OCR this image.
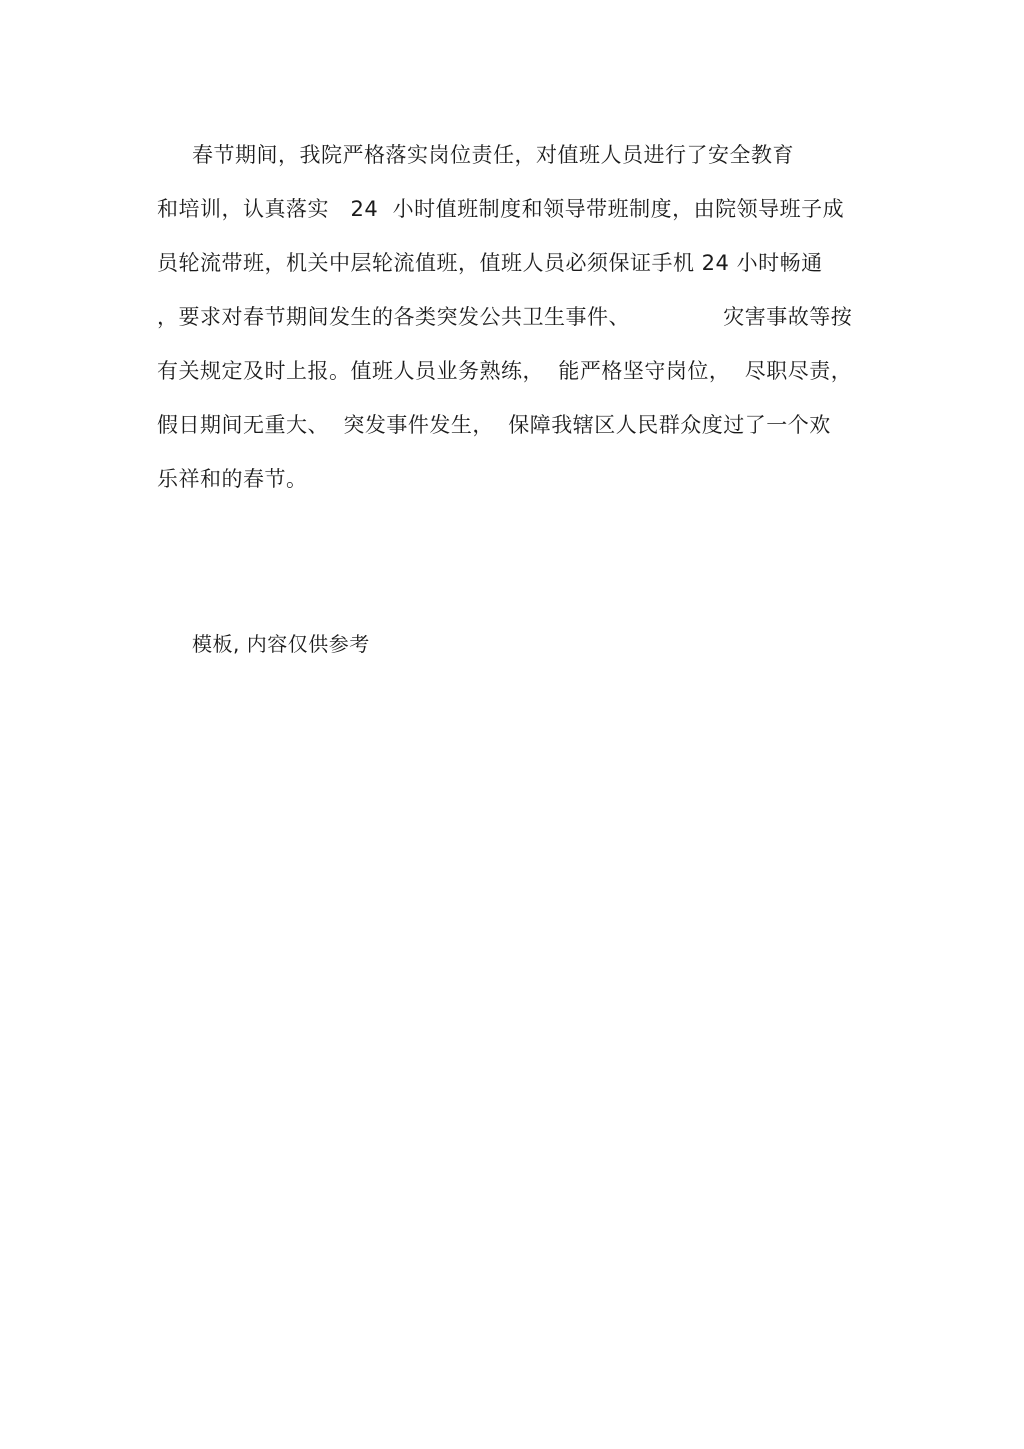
春节期间，我院严格落实岗位责任，对值班人员进行了安全教育
和培训，认真落实   24  小时值班制度和领导带班制度，由院领导班子成
员轮流带班，机关中层轮流值班，值班人员必须保证手机 24 小时畅通
，要求对春节期间发生的各类突发公共卫生事件、             灾害事故等按
有关规定及时上报。值班人员业务熟练，  能严格坚守岗位，  尽职尽责，
假日期间无重大、  突发事件发生，  保障我辖区人民群众度过了一个欢
乐祥和的春节。
模板, 内容仅供参考
